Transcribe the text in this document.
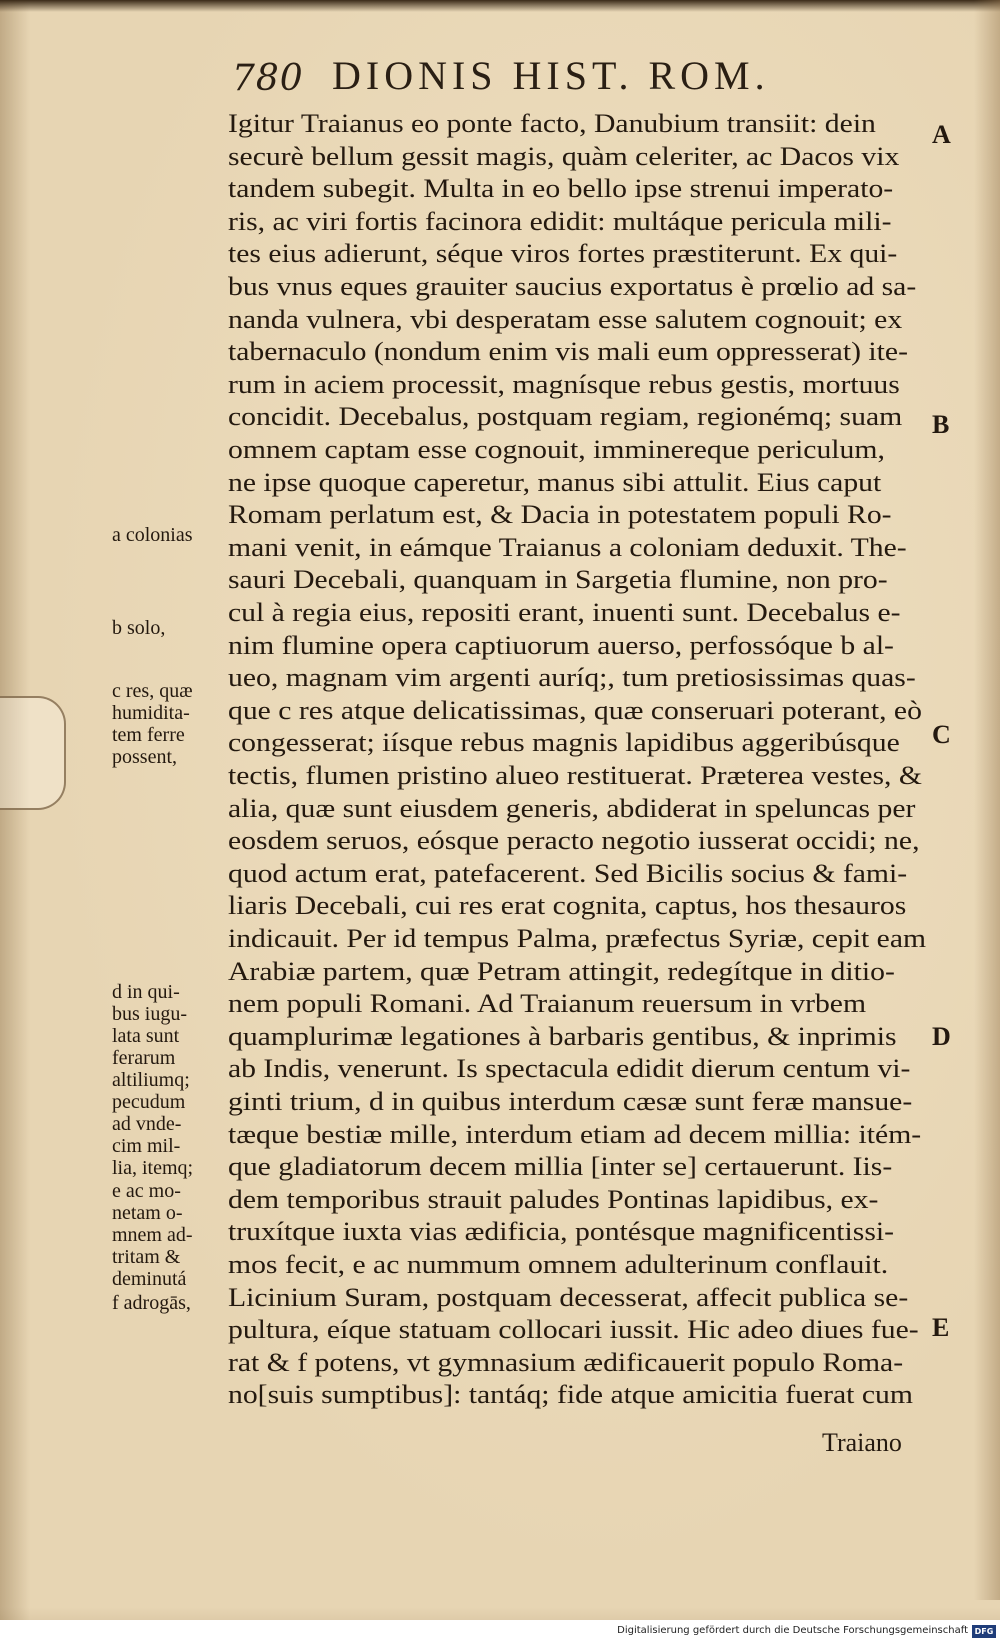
780 DIONIS HIST. ROM.
Igitur Traianus eo ponte facto, Danubium transiit: dein
securè bellum gessit magis, quàm celeriter, ac Dacos vix
tandem subegit. Multa in eo bello ipse strenui imperato-
ris, ac viri fortis facinora edidit: multáque pericula mili-
tes eius adierunt, séque viros fortes præstiterunt. Ex qui-
bus vnus eques grauiter saucius exportatus è prœlio ad sa-
nanda vulnera, vbi desperatam esse salutem cognouit; ex
tabernaculo (nondum enim vis mali eum oppresserat) ite-
rum in aciem processit, magnísque rebus gestis, mortuus
concidit. Decebalus, postquam regiam, regionémq; suam
omnem captam esse cognouit, imminereque periculum,
ne ipse quoque caperetur, manus sibi attulit. Eius caput
Romam perlatum est, & Dacia in potestatem populi Ro-
mani venit, in eámque Traianus a coloniam deduxit. The-
sauri Decebali, quanquam in Sargetia flumine, non pro-
cul à regia eius, repositi erant, inuenti sunt. Decebalus e-
nim flumine opera captiuorum auerso, perfossóque b al-
ueo, magnam vim argenti auríq;, tum pretiosissimas quas-
que c res atque delicatissimas, quæ conseruari poterant, eò
congesserat; iísque rebus magnis lapidibus aggeribúsque
tectis, flumen pristino alueo restituerat. Præterea vestes, &
alia, quæ sunt eiusdem generis, abdiderat in speluncas per
eosdem seruos, eósque peracto negotio iusserat occidi; ne,
quod actum erat, patefacerent. Sed Bicilis socius & fami-
liaris Decebali, cui res erat cognita, captus, hos thesauros
indicauit. Per id tempus Palma, præfectus Syriæ, cepit eam
Arabiæ partem, quæ Petram attingit, redegítque in ditio-
nem populi Romani. Ad Traianum reuersum in vrbem
quamplurimæ legationes à barbaris gentibus, & inprimis
ab Indis, venerunt. Is spectacula edidit dierum centum vi-
ginti trium, d in quibus interdum cæsæ sunt feræ mansue-
tæque bestiæ mille, interdum etiam ad decem millia: itém-
que gladiatorum decem millia [inter se] certauerunt. Iis-
dem temporibus strauit paludes Pontinas lapidibus, ex-
truxítque iuxta vias ædificia, pontésque magnificentissi-
mos fecit, e ac nummum omnem adulterinum conflauit.
Licinium Suram, postquam decesserat, affecit publica se-
pultura, eíque statuam collocari iussit. Hic adeo diues fue-
rat & f potens, vt gymnasium ædificauerit populo Roma-
no[suis sumptibus]: tantáq; fide atque amicitia fuerat cum
a colonias
b solo,
c res, quæ
humidita-
tem ferre
possent,
d in qui-
bus iugu-
lata sunt
ferarum
altiliumq;
pecudum
ad vnde-
cim mil-
lia, itemq;
e ac mo-
netam o-
mnem ad-
tritam &
deminutá
f adrogās,
A
B
C
D
E
Traiano
Digitalisierung gefördert durch die Deutsche Forschungsgemeinschaft DFG
